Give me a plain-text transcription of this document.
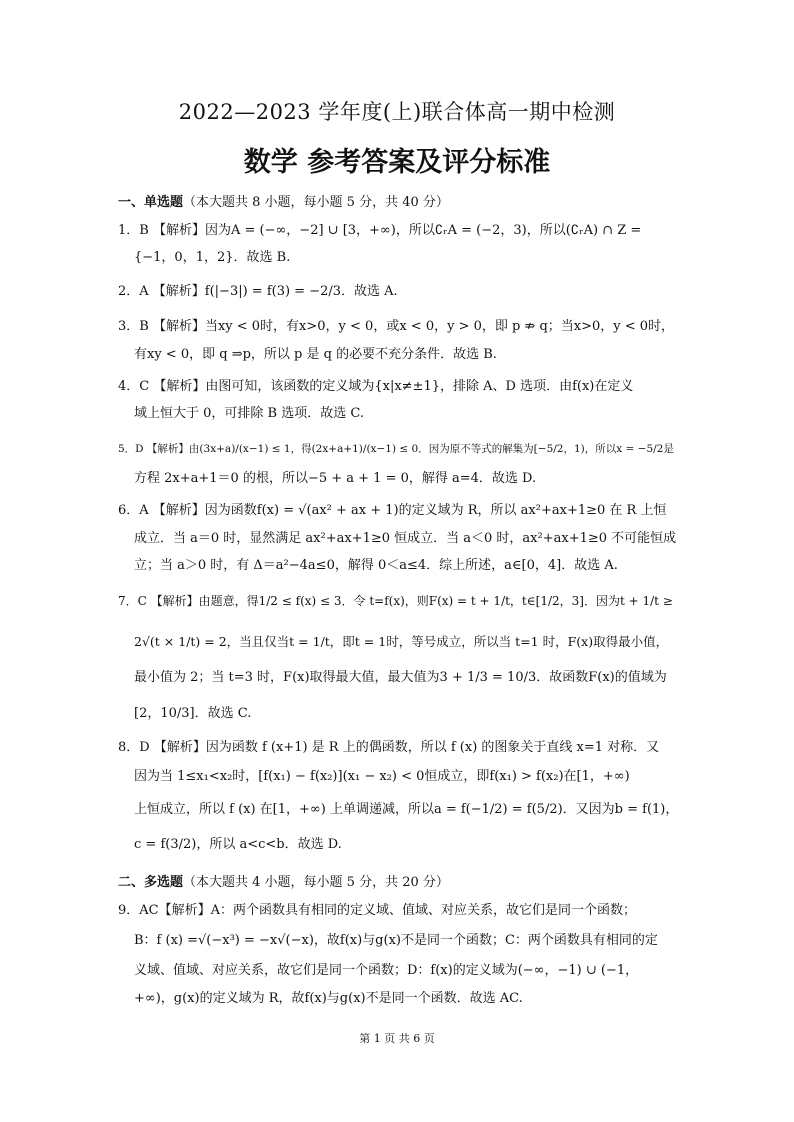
2022—2023 学年度(上)联合体高一期中检测
数学 参考答案及评分标准
一、单选题（本大题共 8 小题，每小题 5 分，共 40 分）
1．B 【解析】因为A = (−∞，−2] ∪ [3，+∞)，所以∁ᵣA = (−2，3)，所以(∁ᵣA) ∩ Z =
{−1，0，1，2}．故选 B.
2．A 【解析】f(|−3|) = f(3) = −2/3．故选 A.
3．B 【解析】当xy < 0时，有x>0，y < 0，或x < 0，y > 0，即 p ⇏ q；当x>0，y < 0时，
有xy < 0，即 q ⇒p，所以 p 是 q 的必要不充分条件．故选 B.
4．C 【解析】由图可知，该函数的定义域为{x|x≠±1}，排除 A、D 选项．由f(x)在定义
域上恒大于 0，可排除 B 选项．故选 C.
5．D 【解析】由(3x+a)/(x−1) ≤ 1，得(2x+a+1)/(x−1) ≤ 0．因为原不等式的解集为[−5/2，1)，所以x = −5/2是
方程 2x+a+1＝0 的根，所以−5 + a + 1 = 0，解得 a=4．故选 D.
6．A 【解析】因为函数f(x) = √(ax² + ax + 1)的定义域为 R，所以 ax²+ax+1≥0 在 R 上恒
成立．当 a＝0 时，显然满足 ax²+ax+1≥0 恒成立．当 a＜0 时，ax²+ax+1≥0 不可能恒成
立；当 a＞0 时，有 Δ＝a²−4a≤0，解得 0＜a≤4．综上所述，a∈[0，4]．故选 A.
7．C 【解析】由题意，得1/2 ≤ f(x) ≤ 3．令 t=f(x)，则F(x) = t + 1/t，t∈[1/2，3]．因为t + 1/t ≥
2√(t × 1/t) = 2，当且仅当t = 1/t，即t = 1时，等号成立，所以当 t=1 时，F(x)取得最小值，
最小值为 2；当 t=3 时，F(x)取得最大值，最大值为3 + 1/3 = 10/3．故函数F(x)的值域为
[2，10/3]．故选 C.
8．D 【解析】因为函数 f (x+1) 是 R 上的偶函数，所以 f (x) 的图象关于直线 x=1 对称．又
因为当 1≤x₁<x₂时，[f(x₁) − f(x₂)](x₁ − x₂) < 0恒成立，即f(x₁) > f(x₂)在[1，+∞)
上恒成立，所以 f (x) 在[1，+∞) 上单调递减，所以a = f(−1/2) = f(5/2)．又因为b = f(1)，
c = f(3/2)，所以 a<c<b．故选 D.
二、多选题（本大题共 4 小题，每小题 5 分，共 20 分）
9．AC【解析】A：两个函数具有相同的定义域、值域、对应关系，故它们是同一个函数；
B：f (x) =√(−x³) = −x√(−x)，故f(x)与g(x)不是同一个函数；C：两个函数具有相同的定
义域、值域、对应关系，故它们是同一个函数；D：f(x)的定义域为(−∞，−1) ∪ (−1，
+∞)，g(x)的定义域为 R，故f(x)与g(x)不是同一个函数．故选 AC.
第 1 页 共 6 页
